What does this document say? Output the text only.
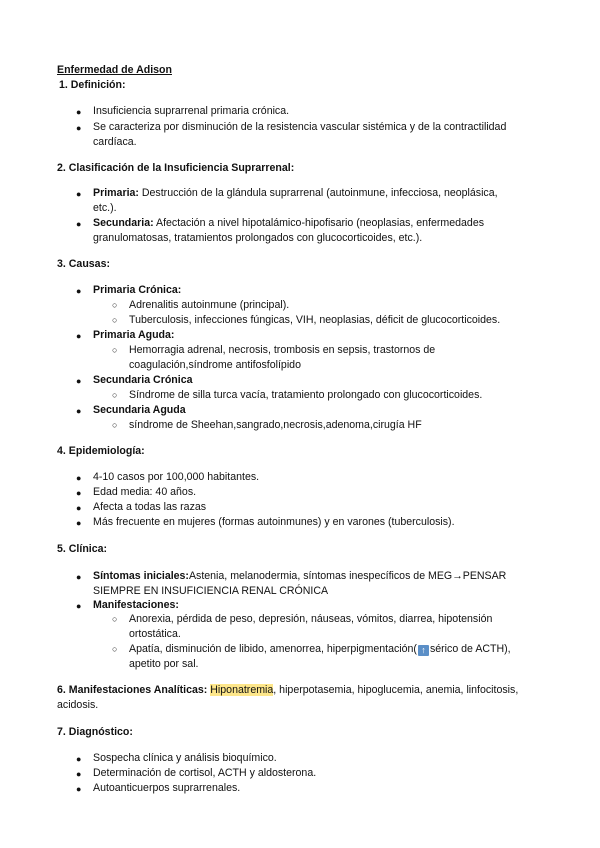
Enfermedad de Adison
1. Definición:
● Insuficiencia suprarrenal primaria crónica.
● Se caracteriza por disminución de la resistencia vascular sistémica y de la contractilidad
cardíaca.
2. Clasificación de la Insuficiencia Suprarrenal:
● Primaria: Destrucción de la glándula suprarrenal (autoinmune, infecciosa, neoplásica,
etc.).
● Secundaria: Afectación a nivel hipotalámico-hipofisario (neoplasias, enfermedades
granulomatosas, tratamientos prolongados con glucocorticoides, etc.).
3. Causas:
● Primaria Crónica:
○ Adrenalitis autoinmune (principal).
○ Tuberculosis, infecciones fúngicas, VIH, neoplasias, déficit de glucocorticoides.
● Primaria Aguda:
○ Hemorragia adrenal, necrosis, trombosis en sepsis, trastornos de
coagulación,síndrome antifosfolípido
● Secundaria Crónica
○ Síndrome de silla turca vacía, tratamiento prolongado con glucocorticoides.
● Secundaria Aguda
○ síndrome de Sheehan,sangrado,necrosis,adenoma,cirugía HF
4. Epidemiología:
● 4-10 casos por 100,000 habitantes.
● Edad media: 40 años.
● Afecta a todas las razas
● Más frecuente en mujeres (formas autoinmunes) y en varones (tuberculosis).
5. Clínica:
● Síntomas iniciales:Astenia, melanodermia, síntomas inespecíficos de MEG→PENSAR
SIEMPRE EN INSUFICIENCIA RENAL CRÓNICA
● Manifestaciones:
○ Anorexia, pérdida de peso, depresión, náuseas, vómitos, diarrea, hipotensión
ortostática.
○ Apatía, disminución de libido, amenorrea, hiperpigmentación( ↑ sérico de ACTH),
apetito por sal.
6. Manifestaciones Analíticas: Hiponatremia, hiperpotasemia, hipoglucemia, anemia, linfocitosis,
acidosis.
7. Diagnóstico:
● Sospecha clínica y análisis bioquímico.
● Determinación de cortisol, ACTH y aldosterona.
● Autoanticuerpos suprarrenales.
